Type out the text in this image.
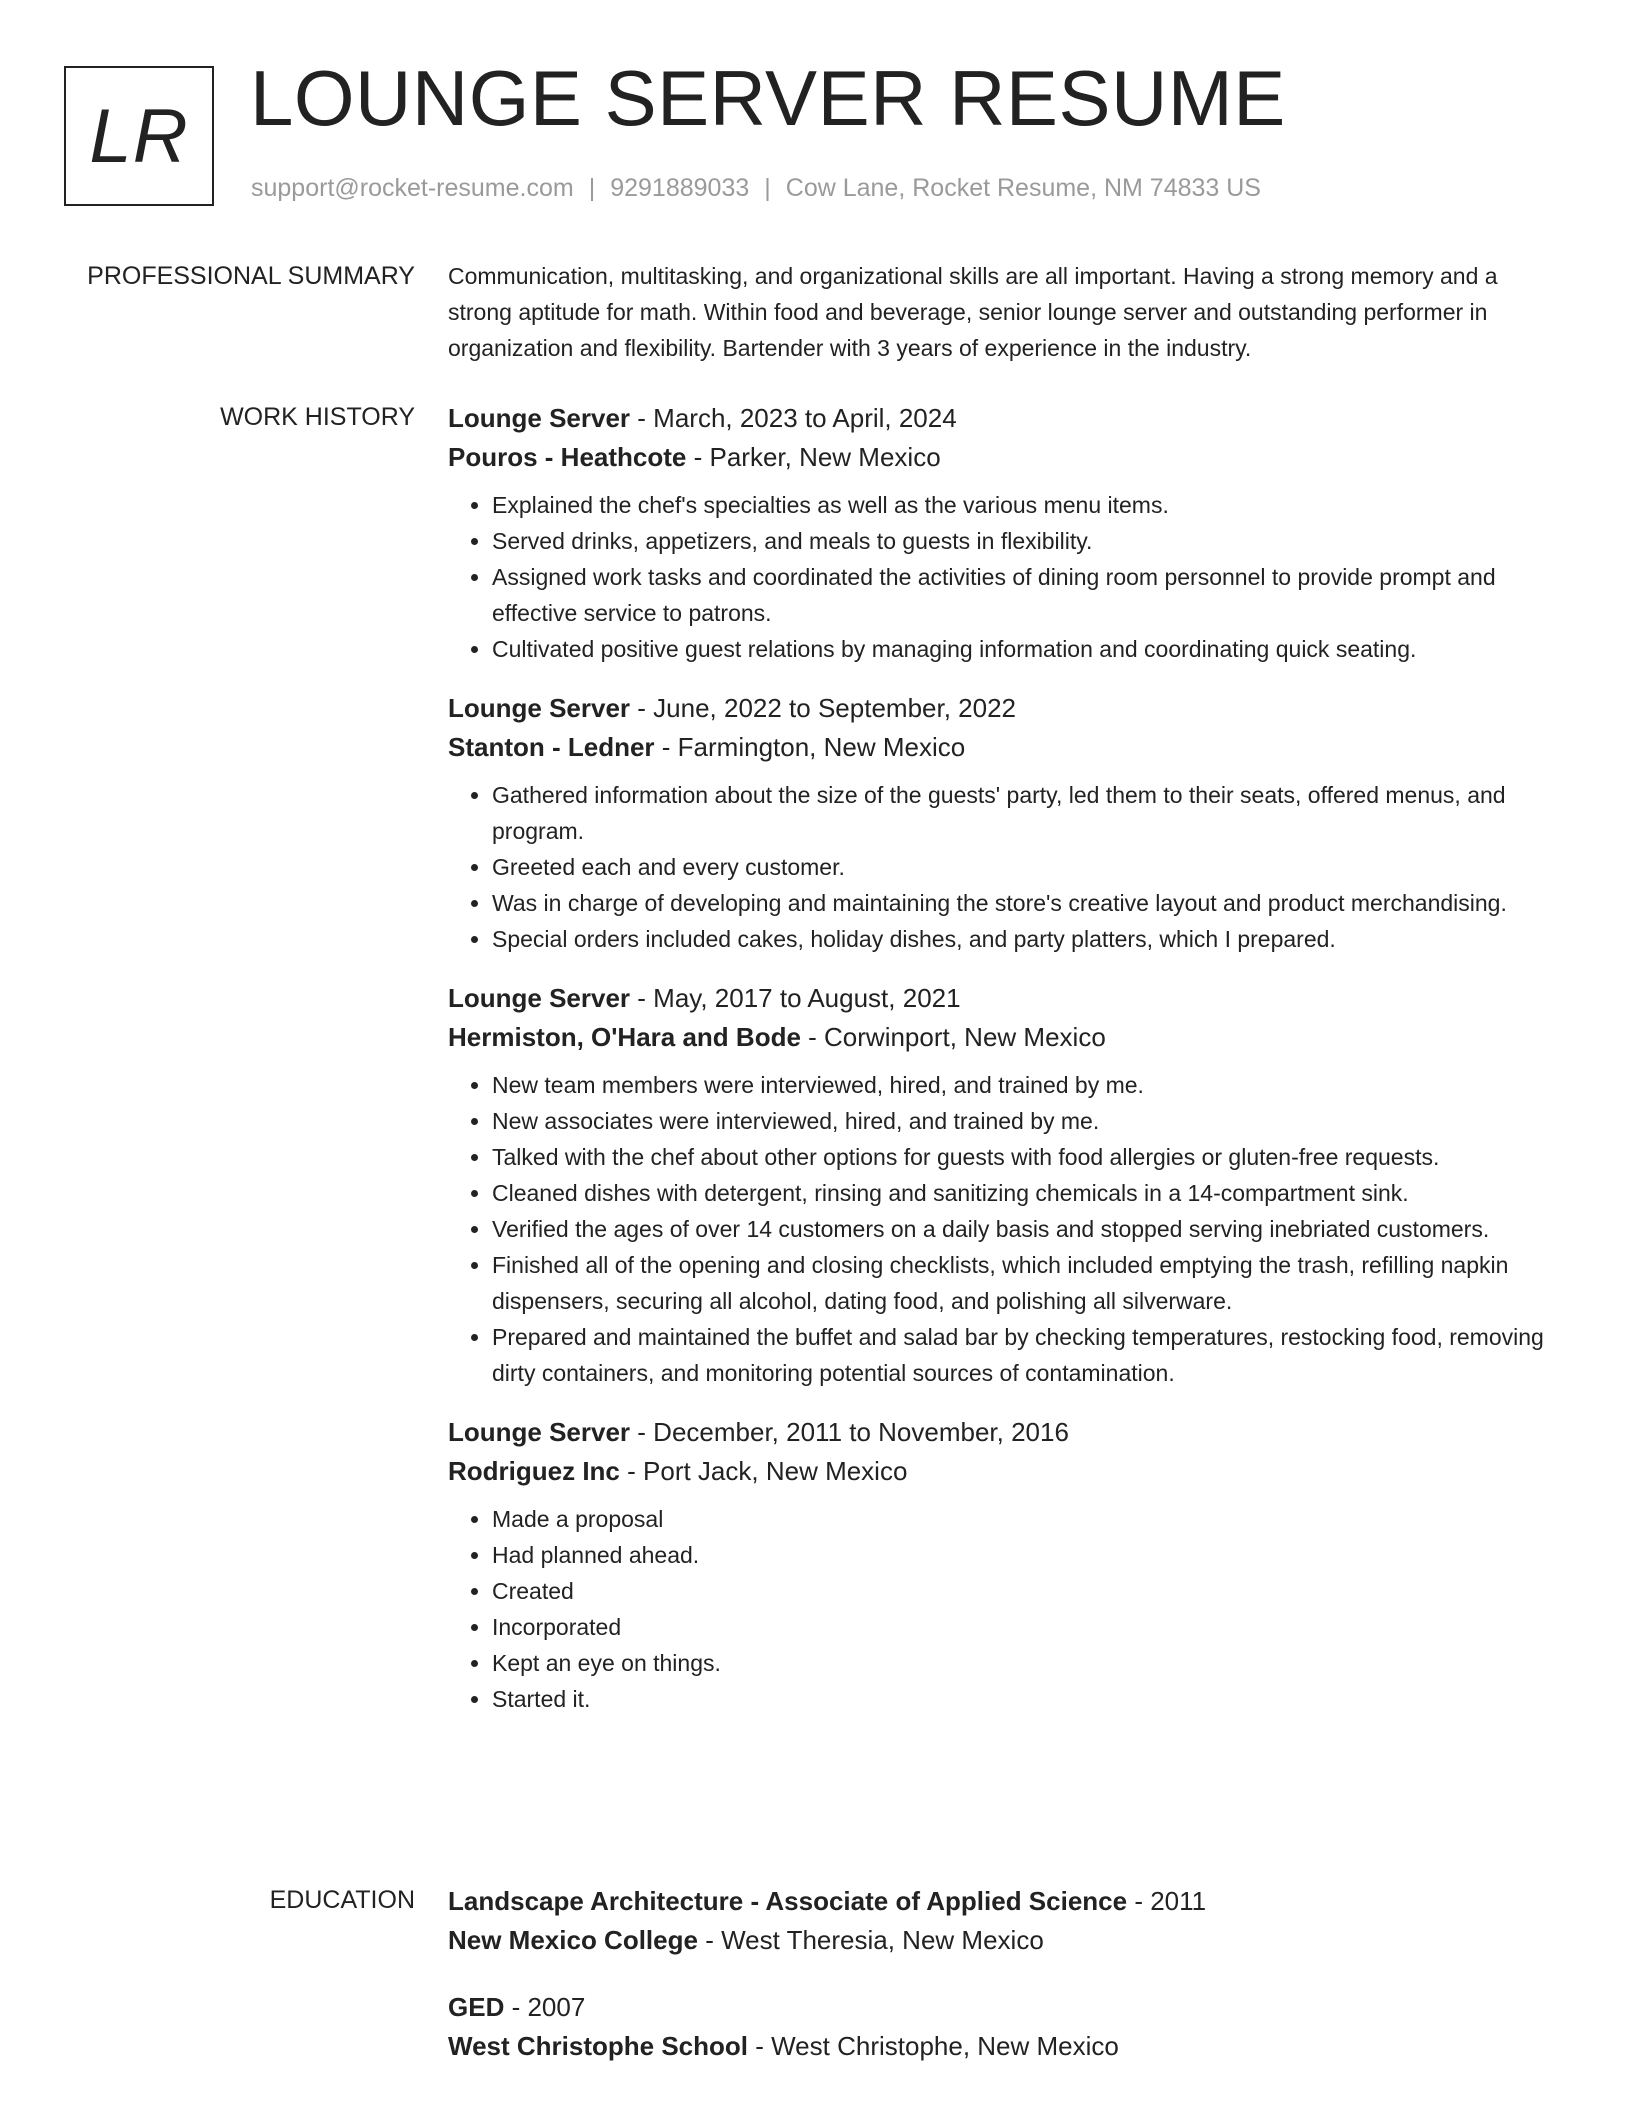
LR LOUNGE SERVER RESUME
support@rocket-resume.com | 9291889033 | Cow Lane, Rocket Resume, NM 74833 US
PROFESSIONAL SUMMARY Communication, multitasking, and organizational skills are all important. Having a strong memory and a strong aptitude for math. Within food and beverage, senior lounge server and outstanding performer in organization and flexibility. Bartender with 3 years of experience in the industry.

WORK HISTORY Lounge Server - March, 2023 to April, 2024
Pouros - Heathcote - Parker, New Mexico
• Explained the chef's specialties as well as the various menu items.
• Served drinks, appetizers, and meals to guests in flexibility.
• Assigned work tasks and coordinated the activities of dining room personnel to provide prompt and effective service to patrons.
• Cultivated positive guest relations by managing information and coordinating quick seating.
Lounge Server - June, 2022 to September, 2022
Stanton - Ledner - Farmington, New Mexico
• Gathered information about the size of the guests' party, led them to their seats, offered menus, and program.
• Greeted each and every customer.
• Was in charge of developing and maintaining the store's creative layout and product merchandising.
• Special orders included cakes, holiday dishes, and party platters, which I prepared.
Lounge Server - May, 2017 to August, 2021
Hermiston, O'Hara and Bode - Corwinport, New Mexico
• New team members were interviewed, hired, and trained by me.
• New associates were interviewed, hired, and trained by me.
• Talked with the chef about other options for guests with food allergies or gluten-free requests.
• Cleaned dishes with detergent, rinsing and sanitizing chemicals in a 14-compartment sink.
• Verified the ages of over 14 customers on a daily basis and stopped serving inebriated customers.
• Finished all of the opening and closing checklists, which included emptying the trash, refilling napkin dispensers, securing all alcohol, dating food, and polishing all silverware.
• Prepared and maintained the buffet and salad bar by checking temperatures, restocking food, removing dirty containers, and monitoring potential sources of contamination.
Lounge Server - December, 2011 to November, 2016
Rodriguez Inc - Port Jack, New Mexico
• Made a proposal
• Had planned ahead.
• Created
• Incorporated
• Kept an eye on things.
• Started it.
EDUCATION Landscape Architecture - Associate of Applied Science - 2011
New Mexico College - West Theresia, New Mexico
GED - 2007
West Christophe School - West Christophe, New Mexico
